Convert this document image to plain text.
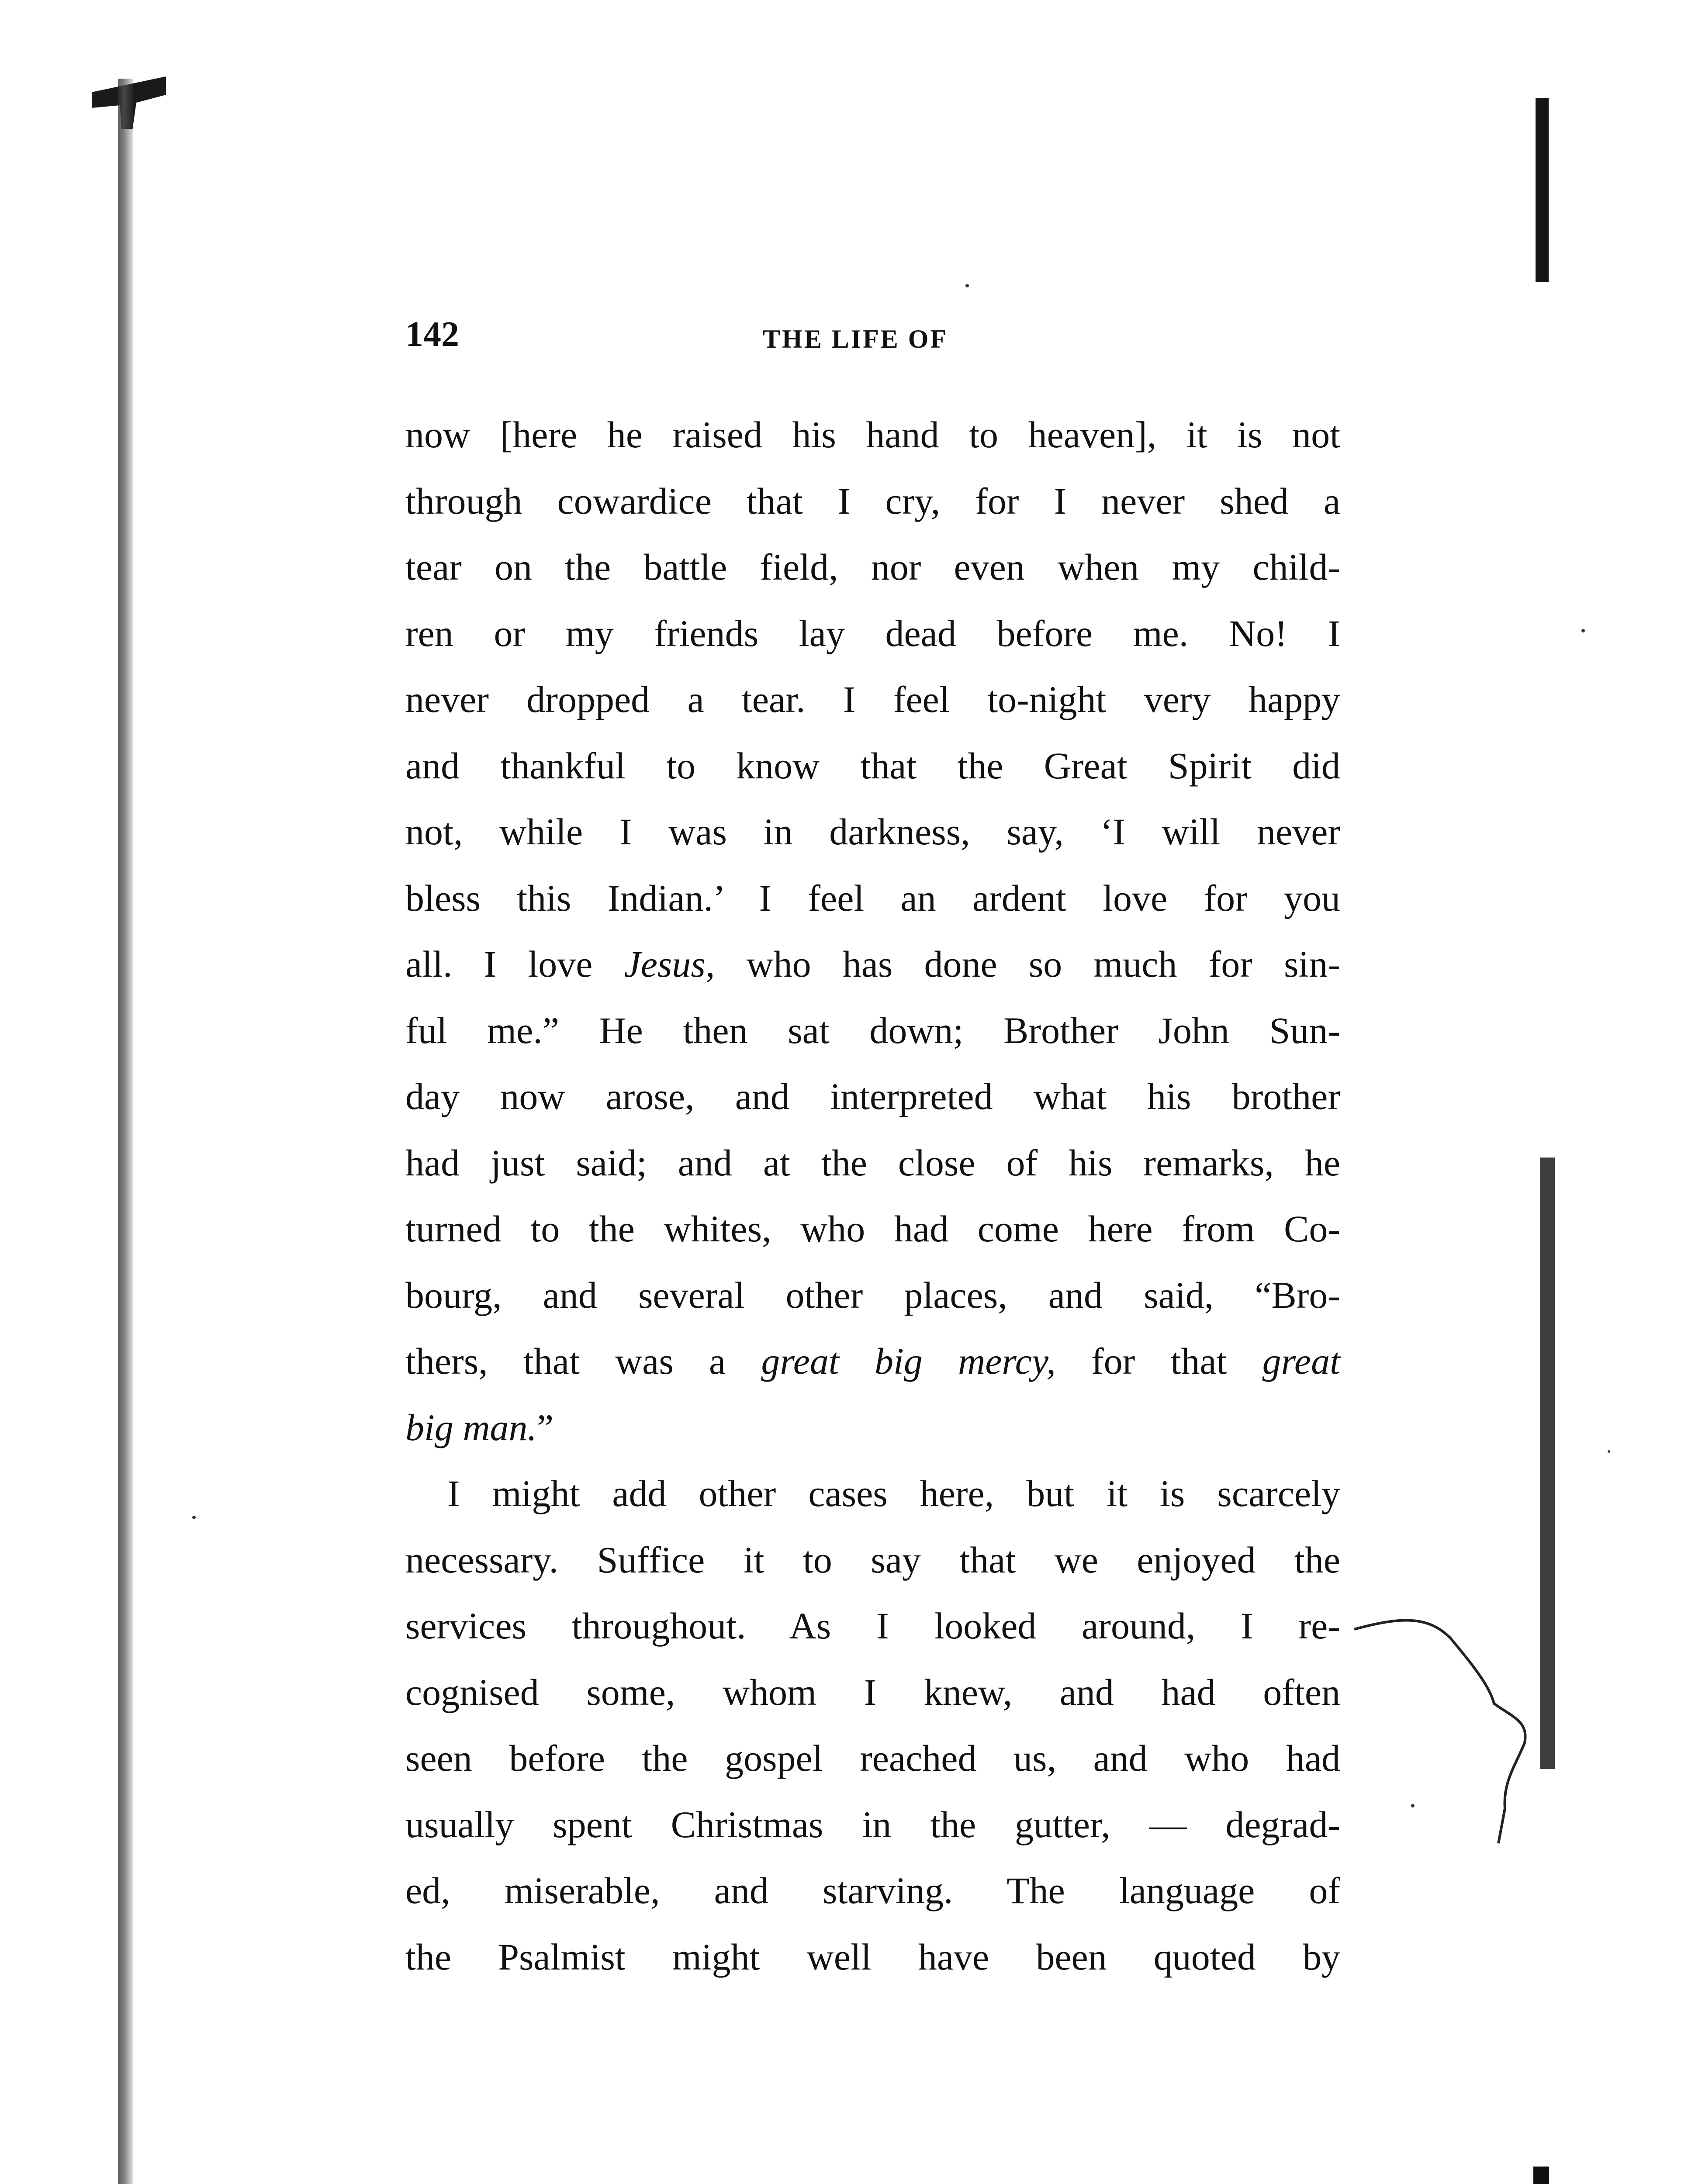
142	THE LIFE OF
now [here he raised his hand to heaven], it is not
through cowardice that I cry, for I never shed a
tear on the battle field, nor even when my child-
ren or my friends lay dead before me. No! I
never dropped a tear. I feel to-night very happy
and thankful to know that the Great Spirit did
not, while I was in darkness, say, ‘I will never
bless this Indian.’ I feel an ardent love for you
all. I love Jesus, who has done so much for sin-
ful me.” He then sat down; Brother John Sun-
day now arose, and interpreted what his brother
had just said; and at the close of his remarks, he
turned to the whites, who had come here from Co-
bourg, and several other places, and said, “Bro-
thers, that was a great big mercy, for that great
big man.”
I might add other cases here, but it is scarcely
necessary. Suffice it to say that we enjoyed the
services throughout. As I looked around, I re-
cognised some, whom I knew, and had often
seen before the gospel reached us, and who had
usually spent Christmas in the gutter, — degrad-
ed, miserable, and starving. The language of
the Psalmist might well have been quoted by
